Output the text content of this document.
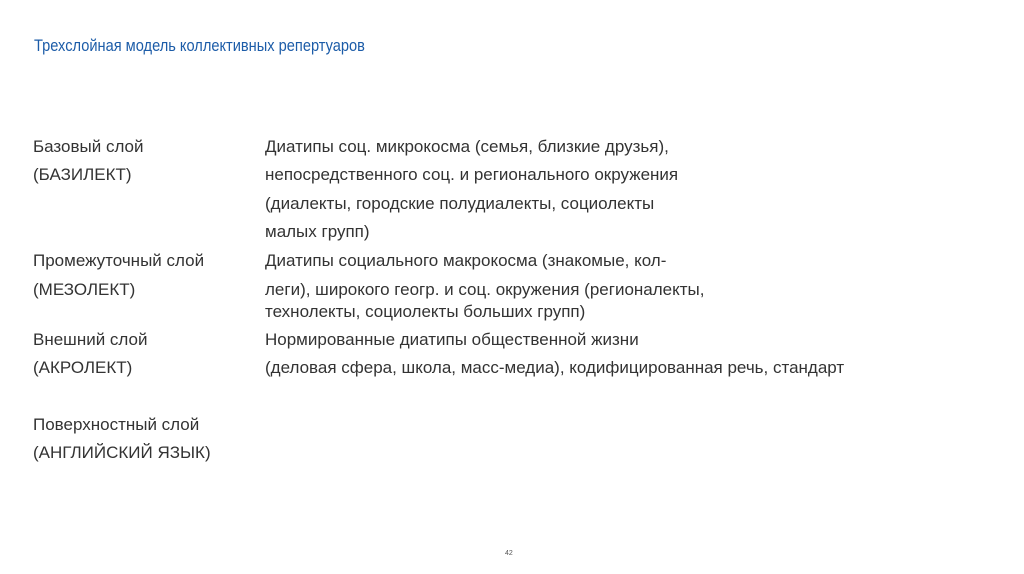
Трехслойная модель коллективных репертуаров
Базовый слой
(БАЗИЛЕКТ)
Диатипы соц. микрокосма (семья, близкие друзья),
непосредственного соц. и регионального окружения
(диалекты, городские полудиалекты, социолекты
малых групп)
Промежуточный слой
(МЕЗОЛЕКТ)
Диатипы социального макрокосма (знакомые, кол-
леги), широкого геогр. и соц. окружения (регионалекты,
технолекты, социолекты больших групп)
Внешний слой
(АКРОЛЕКТ)
Нормированные диатипы общественной жизни
(деловая сфера, школа, масс-медиа), кодифицированная речь, стандарт
Поверхностный слой
(АНГЛИЙСКИЙ ЯЗЫК)
42
